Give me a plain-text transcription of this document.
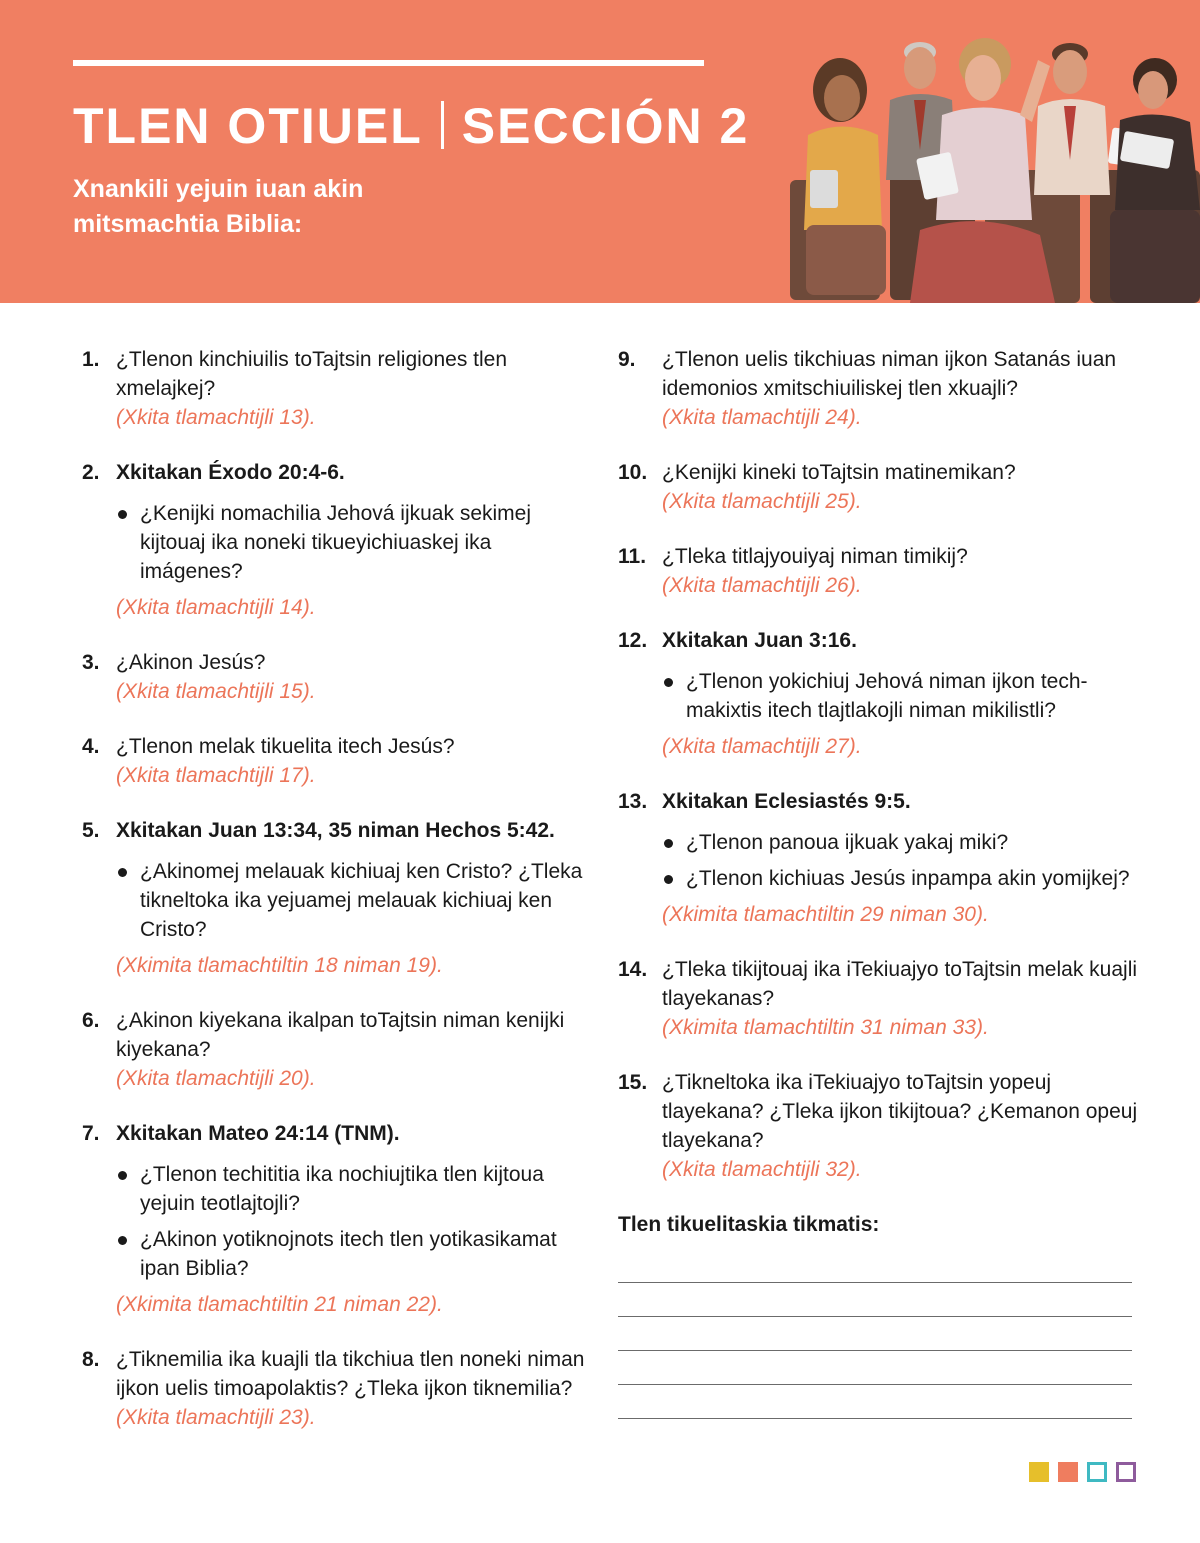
TLEN OTIUEL SECCIÓN 2
Xnankili yejuin iuan akin mitsmachtia Biblia:
1. ¿Tlenon kinchiuilis toTajtsin religiones tlen xmelajkej?
(Xkita tlamachtijli 13).
2. Xkitakan Éxodo 20:4-6.
¿Kenijki nomachilia Jehová ijkuak sekimej kijtouaj ika noneki tikueyichiuaskej ika imágenes?
(Xkita tlamachtijli 14).
3. ¿Akinon Jesús?
(Xkita tlamachtijli 15).
4. ¿Tlenon melak tikuelita itech Jesús?
(Xkita tlamachtijli 17).
5. Xkitakan Juan 13:34, 35 niman Hechos 5:42.
¿Akinomej melauak kichiuaj ken Cristo? ¿Tleka tikneltoka ika yejuamej melauak kichiuaj ken Cristo?
(Xkimita tlamachtiltin 18 niman 19).
6. ¿Akinon kiyekana ikalpan toTajtsin niman kenijki kiyekana?
(Xkita tlamachtijli 20).
7. Xkitakan Mateo 24:14 (TNM).
¿Tlenon techititia ika nochiujtika tlen kijtoua yejuin teotlajtojli?
¿Akinon yotiknojnots itech tlen yotikasikamat ipan Biblia?
(Xkimita tlamachtiltin 21 niman 22).
8. ¿Tiknemilia ika kuajli tla tikchiua tlen noneki niman ijkon uelis timoapolaktis? ¿Tleka ijkon tiknemilia?
(Xkita tlamachtijli 23).
9. ¿Tlenon uelis tikchiuas niman ijkon Satanás iuan idemonios xmitschiuiliskej tlen xkuajli?
(Xkita tlamachtijli 24).
10. ¿Kenijki kineki toTajtsin matinemikan?
(Xkita tlamachtijli 25).
11. ¿Tleka titlajyouiyaj niman timikij?
(Xkita tlamachtijli 26).
12. Xkitakan Juan 3:16.
¿Tlenon yokichiuj Jehová niman ijkon techmakixtis itech tlajtlakojli niman mikilistli?
(Xkita tlamachtijli 27).
13. Xkitakan Eclesiastés 9:5.
¿Tlenon panoua ijkuak yakaj miki?
¿Tlenon kichiuas Jesús inpampa akin yomijkej?
(Xkimita tlamachtiltin 29 niman 30).
14. ¿Tleka tikijtouaj ika iTekiuajyo toTajtsin melak kuajli tlayekanas?
(Xkimita tlamachtiltin 31 niman 33).
15. ¿Tikneltoka ika iTekiuajyo toTajtsin yopeuj tlayekana? ¿Tleka ijkon tikijtoua? ¿Kemanon opeuj tlayekana?
(Xkita tlamachtijli 32).
Tlen tikuelitaskia tikmatis:
